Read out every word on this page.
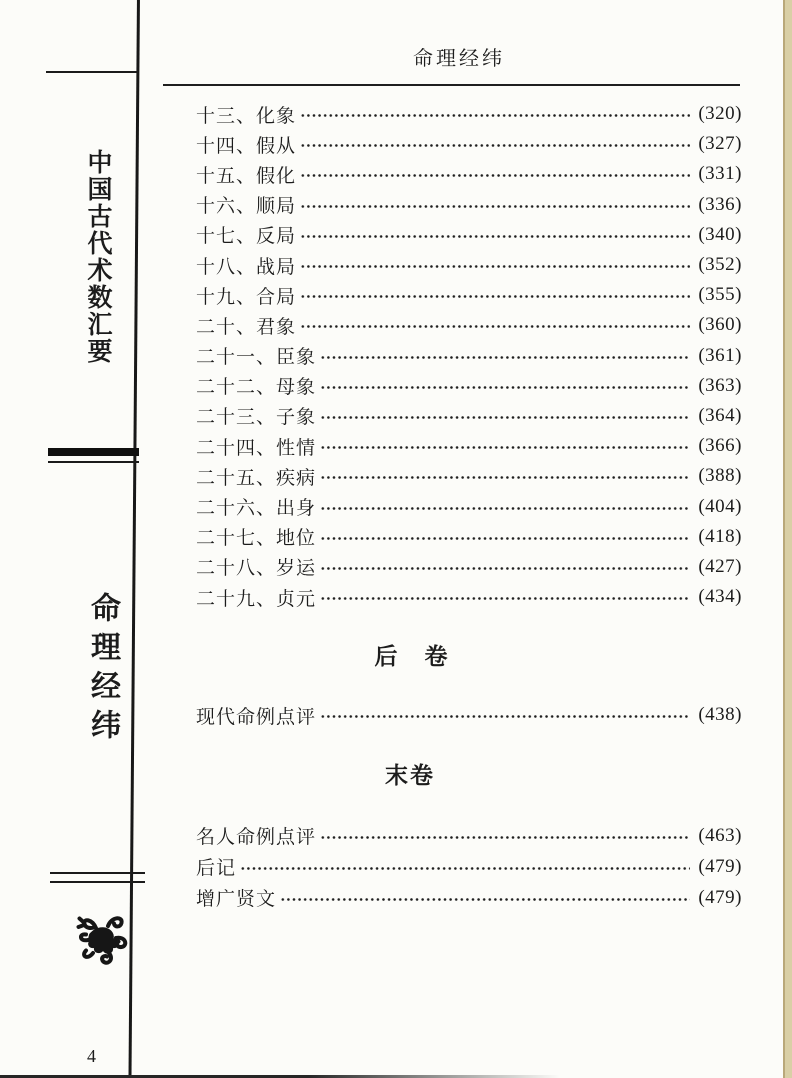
命理经纬
十三、化象	(320)
十四、假从	(327)
十五、假化	(331)
十六、顺局	(336)
十七、反局	(340)
十八、战局	(352)
十九、合局	(355)
二十、君象	(360)
二十一、臣象	(361)
二十二、母象	(363)
二十三、子象	(364)
二十四、性情	(366)
二十五、疾病	(388)
二十六、出身	(404)
二十七、地位	(418)
二十八、岁运	(427)
二十九、贞元	(434)
后　卷
现代命例点评	(438)
末卷
名人命例点评	(463)
后记	(479)
增广贤文	(479)
中国古代术数汇要
命理经纬
4
